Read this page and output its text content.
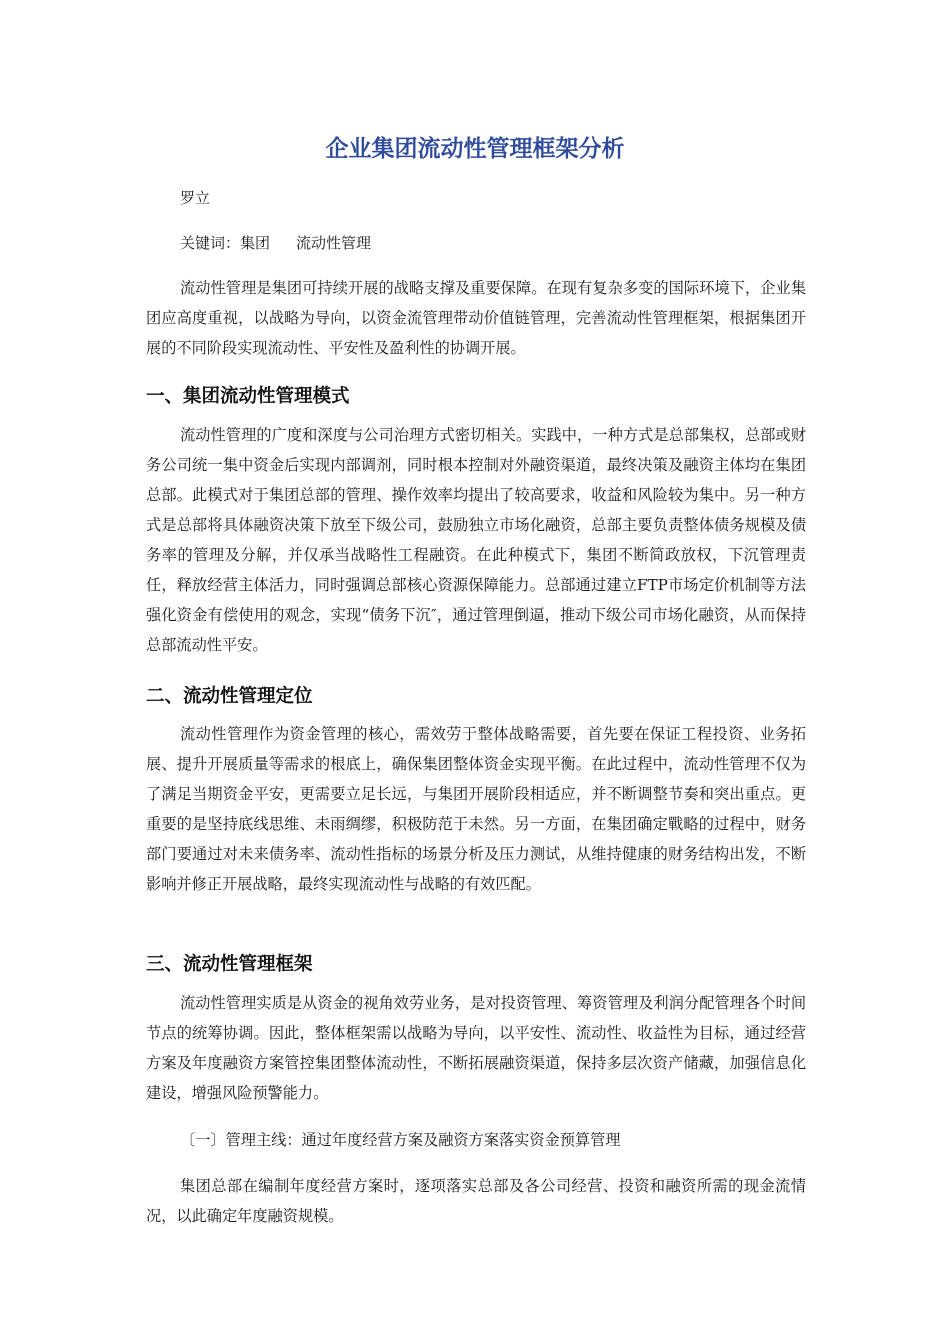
企业集团流动性管理框架分析
罗立
关键词：集团 流动性管理

流动性管理是集团可持续开展的战略支撑及重要保障。在现有复杂多变的国际环境下，企业集团应高度重视，以战略为导向，以资金流管理带动价值链管理，完善流动性管理框架，根据集团开展的不同阶段实现流动性、平安性及盈利性的协调开展。

一、集团流动性管理模式

流动性管理的广度和深度与公司治理方式密切相关。实践中，一种方式是总部集权，总部或财务公司统一集中资金后实现内部调剂，同时根本控制对外融资渠道，最终决策及融资主体均在集团总部。此模式对于集团总部的管理、操作效率均提出了较高要求，收益和风险较为集中。另一种方式是总部将具体融资决策下放至下级公司，鼓励独立市场化融资，总部主要负责整体债务规模及债务率的管理及分解，并仅承当战略性工程融资。在此种模式下，集团不断简政放权，下沉管理责任，释放经营主体活力，同时强调总部核心资源保障能力。总部通过建立FTP市场定价机制等方法强化资金有偿使用的观念，实现“债务下沉″，通过管理倒逼，推动下级公司市场化融资，从而保持总部流动性平安。

二、流动性管理定位

流动性管理作为资金管理的核心，需效劳于整体战略需要，首先要在保证工程投资、业务拓展、提升开展质量等需求的根底上，确保集团整体资金实现平衡。在此过程中，流动性管理不仅为了满足当期资金平安，更需要立足长远，与集团开展阶段相适应，并不断调整节奏和突出重点。更重要的是坚持底线思维、未雨绸缪，积极防范于未然。另一方面，在集团确定戰略的过程中，财务部门要通过对未来债务率、流动性指标的场景分析及压力测试，从维持健康的财务结构出发，不断影响并修正开展战略，最终实现流动性与战略的有效匹配。

三、流动性管理框架

流动性管理实质是从资金的视角效劳业务，是对投资管理、筹资管理及利润分配管理各个时间节点的统筹协调。因此，整体框架需以战略为导向，以平安性、流动性、收益性为目标，通过经营方案及年度融资方案管控集团整体流动性，不断拓展融资渠道，保持多层次资产储藏，加强信息化建设，增强风险预警能力。

〔一〕管理主线：通过年度经营方案及融资方案落实资金预算管理

集团总部在编制年度经营方案时，逐项落实总部及各公司经营、投资和融资所需的现金流情况，以此确定年度融资规模。
